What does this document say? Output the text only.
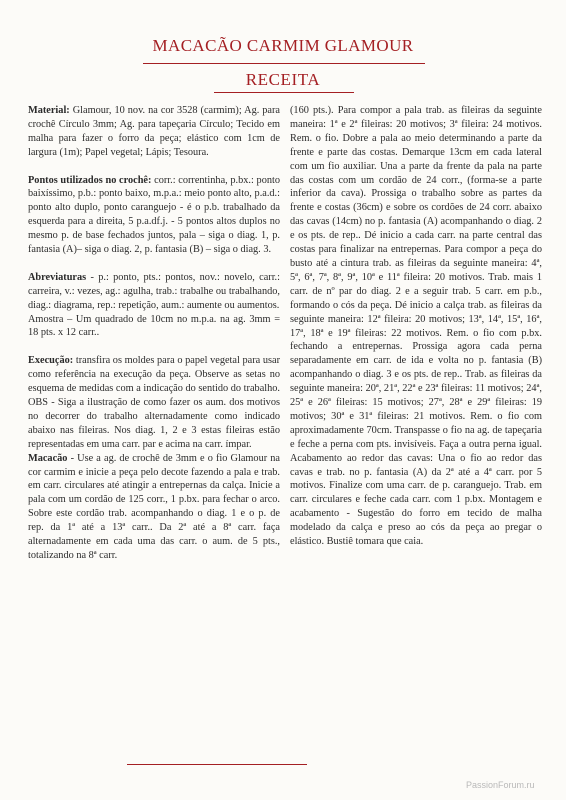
MACACÃO CARMIM GLAMOUR
RECEITA

Material: Glamour, 10 nov. na cor 3528 (carmim); Ag. para crochê Círculo 3mm; Ag. para tapeçaria Círculo; Tecido em malha para fazer o forro da peça; elástico com 1cm de largura (1m); Papel vegetal; Lápis; Tesoura.

Pontos utilizados no crochê: corr.: correntinha, p.bx.: ponto baixíssimo, p.b.: ponto baixo, m.p.a.: meio ponto alto, p.a.d.: ponto alto duplo, ponto caranguejo - é o p.b. trabalhado da esquerda para a direita, 5 p.a.df.j. - 5 pontos altos duplos no mesmo p. de base fechados juntos, pala – siga o diag. 1, p. fantasia (A)– siga o diag. 2, p. fantasia (B) – siga o diag. 3.

Abreviaturas - p.: ponto, pts.: pontos, nov.: novelo, carr.: carreira, v.: vezes, ag.: agulha, trab.: trabalhe ou trabalhando, diag.: diagrama, rep.: repetição, aum.: aumente ou aumentos.

Amostra – Um quadrado de 10cm no m.p.a. na ag. 3mm = 18 pts. x 12 carr..

Execução: transfira os moldes para o papel vegetal para usar como referência na execução da peça. Observe as setas no esquema de medidas com a indicação do sentido do trabalho. OBS - Siga a ilustração de como fazer os aum. dos motivos no decorrer do trabalho alternadamente como indicado abaixo nas fileiras. Nos diag. 1, 2 e 3 estas fileiras estão representadas em uma carr. par e acima na carr. ímpar.

Macacão - Use a ag. de crochê de 3mm e o fio Glamour na cor carmim e inicie a peça pelo decote fazendo a pala e trab. em carr. circulares até atingir a entrepernas da calça. Inicie a pala com um cordão de 125 corr., 1 p.bx. para fechar o arco. Sobre este cordão trab. acompanhando o diag. 1 e o p. de rep. da 1ª até a 13ª carr.. Da 2ª até a 8ª carr. faça alternadamente em cada uma das carr. o aum. de 5 pts., totalizando na 8ª carr.

(160 pts.). Para compor a pala trab. as fileiras da seguinte maneira: 1ª e 2ª fileiras: 20 motivos; 3ª fileira: 24 motivos. Rem. o fio. Dobre a pala ao meio determinando a parte da frente e parte das costas. Demarque 13cm em cada lateral com um fio auxiliar. Una a parte da frente da pala na parte das costas com um cordão de 24 corr., (forma-se a parte inferior da cava). Prossiga o trabalho sobre as partes da frente e costas (36cm) e sobre os cordões de 24 corr. abaixo das cavas (14cm) no p. fantasia (A) acompanhando o diag. 2 e os pts. de rep.. Dé inicio a cada carr. na parte central das costas para finalizar na entrepernas. Para compor a peça do busto até a cintura trab. as fileiras da seguinte maneira: 4ª, 5ª, 6ª, 7ª, 8ª, 9ª, 10ª e 11ª fileira: 20 motivos. Trab. mais 1 carr. de nº par do diag. 2 e a seguir trab. 5 carr. em p.b., formando o cós da peça. Dé inicio a calça trab. as fileiras da seguinte maneira: 12ª fileira: 20 motivos; 13ª, 14ª, 15ª, 16ª, 17ª, 18ª e 19ª fileiras: 22 motivos. Rem. o fio com p.bx. fechando a entrepernas. Prossiga agora cada perna separadamente em carr. de ida e volta no p. fantasia (B) acompanhando o diag. 3 e os pts. de rep.. Trab. as fileiras da seguinte maneira: 20ª, 21ª, 22ª e 23ª fileiras: 11 motivos; 24ª, 25ª e 26ª fileiras: 15 motivos; 27ª, 28ª e 29ª fileiras: 19 motivos; 30ª e 31ª fileiras: 21 motivos. Rem. o fio com aproximadamente 70cm. Transpasse o fio na ag. de tapeçaria e feche a perna com pts. invisíveis. Faça a outra perna igual. Acabamento ao redor das cavas: Una o fio ao redor das cavas e trab. no p. fantasia (A) da 2ª até a 4ª carr. por 5 motivos. Finalize com uma carr. de p. caranguejo. Trab. em carr. circulares e feche cada carr. com 1 p.bx. Montagem e acabamento - Sugestão do forro em tecido de malha modelado da calça e preso ao cós da peça ao pregar o elástico. Bustiê tomara que caia.

PassionForum.ru
